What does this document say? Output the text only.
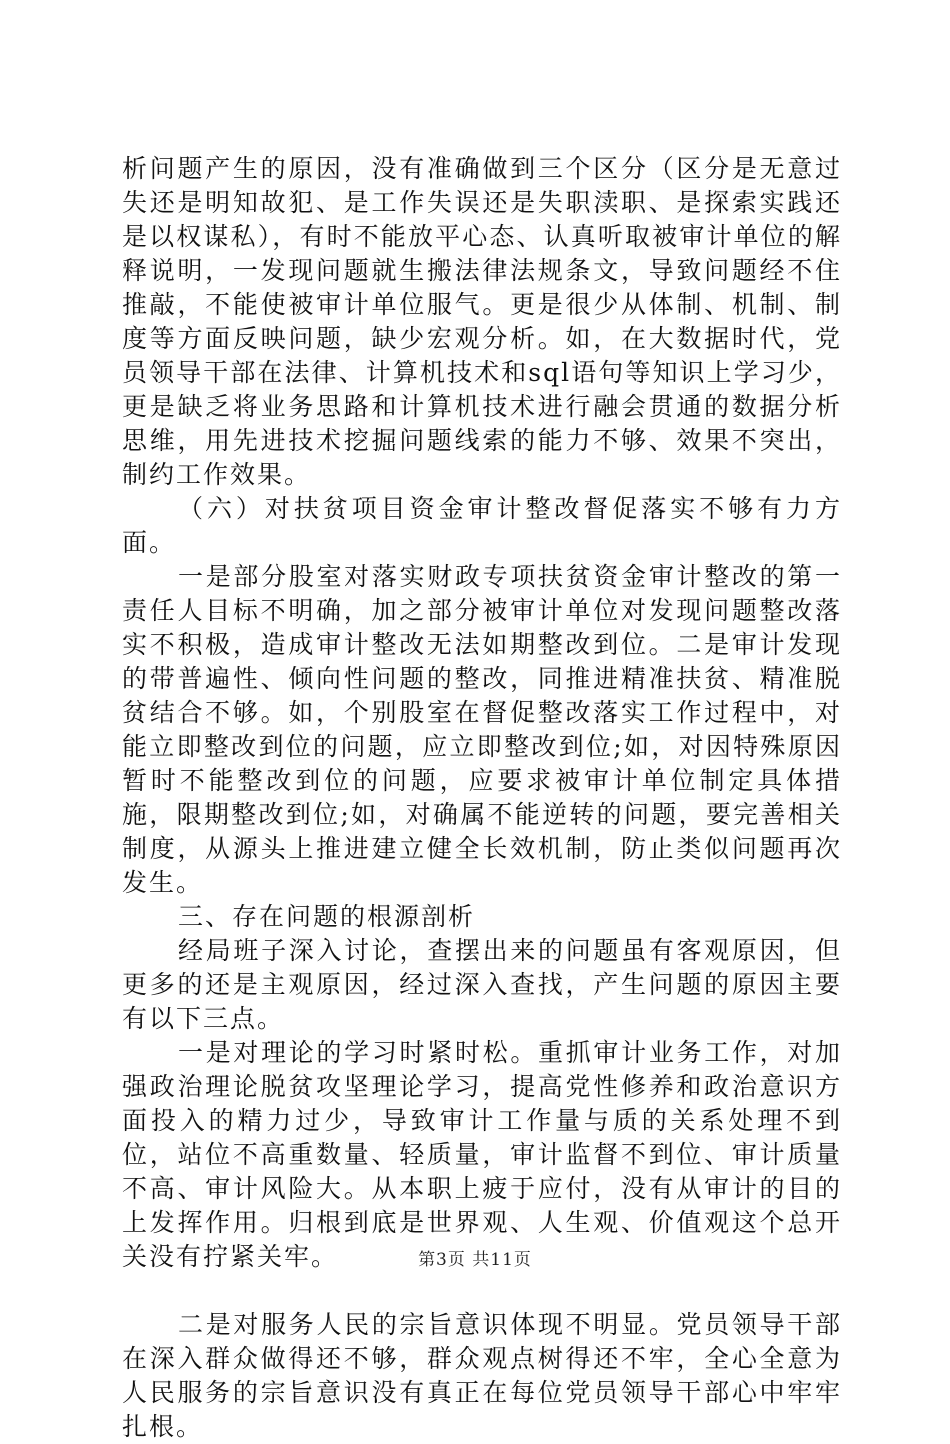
析问题产生的原因，没有准确做到三个区分（区分是无意过失还是明知故犯、是工作失误还是失职渎职、是探索实践还是以权谋私），有时不能放平心态、认真听取被审计单位的解释说明，一发现问题就生搬法律法规条文，导致问题经不住推敲，不能使被审计单位服气。更是很少从体制、机制、制度等方面反映问题，缺少宏观分析。如，在大数据时代，党员领导干部在法律、计算机技术和sql语句等知识上学习少，更是缺乏将业务思路和计算机技术进行融会贯通的数据分析思维，用先进技术挖掘问题线索的能力不够、效果不突出，制约工作效果。

（六）对扶贫项目资金审计整改督促落实不够有力方面。

一是部分股室对落实财政专项扶贫资金审计整改的第一责任人目标不明确，加之部分被审计单位对发现问题整改落实不积极，造成审计整改无法如期整改到位。二是审计发现的带普遍性、倾向性问题的整改，同推进精准扶贫、精准脱贫结合不够。如，个别股室在督促整改落实工作过程中，对能立即整改到位的问题，应立即整改到位;如，对因特殊原因暂时不能整改到位的问题，应要求被审计单位制定具体措施，限期整改到位;如，对确属不能逆转的问题，要完善相关制度，从源头上推进建立健全长效机制，防止类似问题再次发生。

三、存在问题的根源剖析

经局班子深入讨论，查摆出来的问题虽有客观原因，但更多的还是主观原因，经过深入查找，产生问题的原因主要有以下三点。

一是对理论的学习时紧时松。重抓审计业务工作，对加强政治理论脱贫攻坚理论学习，提高党性修养和政治意识方面投入的精力过少，导致审计工作量与质的关系处理不到位，站位不高重数量、轻质量，审计监督不到位、审计质量不高、审计风险大。从本职上疲于应付，没有从审计的目的上发挥作用。归根到底是世界观、人生观、价值观这个总开关没有拧紧关牢。

二是对服务人民的宗旨意识体现不明显。党员领导干部在深入群众做得还不够，群众观点树得还不牢，全心全意为人民服务的宗旨意识没有真正在每位党员领导干部心中牢牢扎根。

第3页 共11页
